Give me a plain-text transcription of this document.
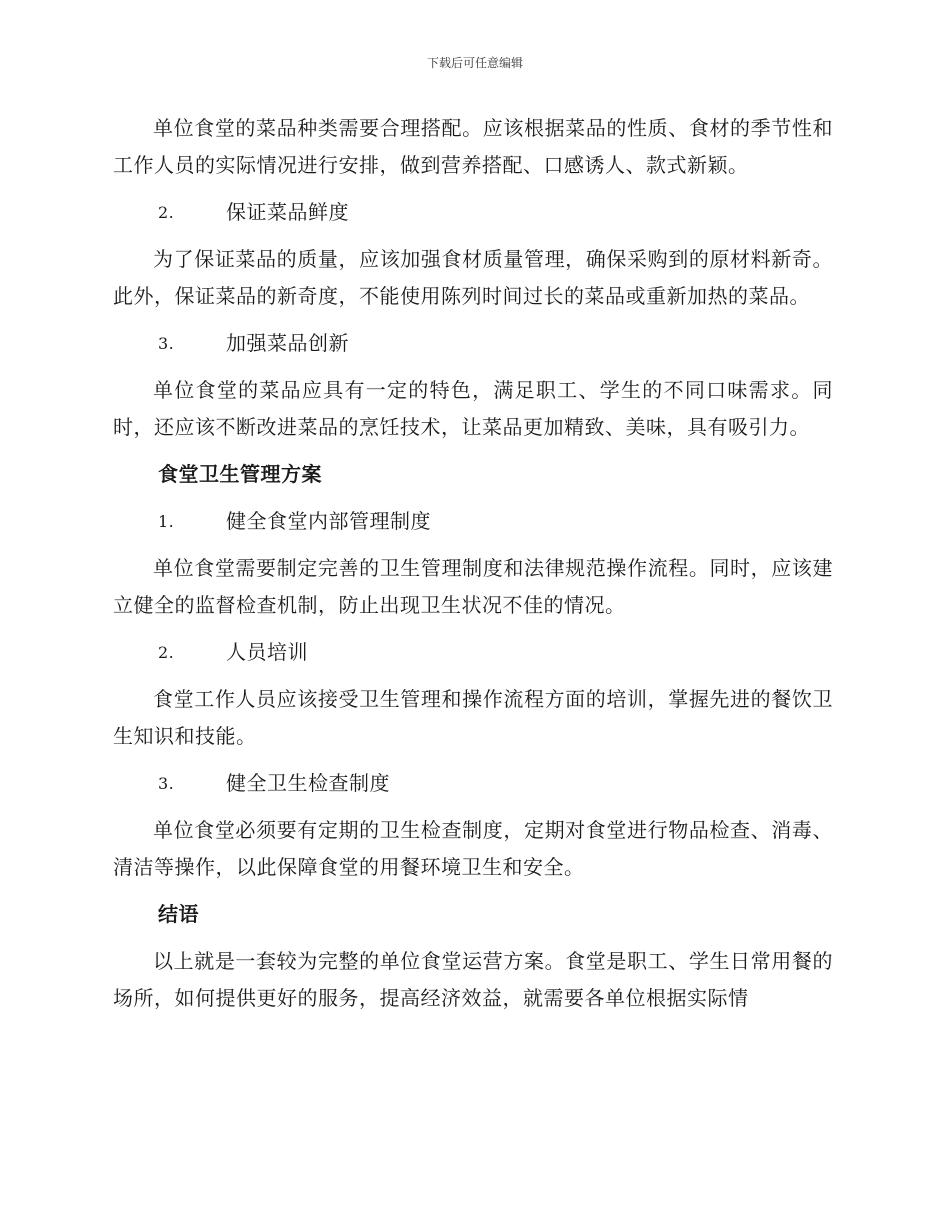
下载后可任意编辑

单位食堂的菜品种类需要合理搭配。应该根据菜品的性质、食材的季节性和工作人员的实际情况进行安排，做到营养搭配、口感诱人、款式新颖。

2.	保证菜品鲜度

为了保证菜品的质量，应该加强食材质量管理，确保采购到的原材料新奇。此外，保证菜品的新奇度，不能使用陈列时间过长的菜品或重新加热的菜品。

3.	加强菜品创新

单位食堂的菜品应具有一定的特色，满足职工、学生的不同口味需求。同时，还应该不断改进菜品的烹饪技术，让菜品更加精致、美味，具有吸引力。

食堂卫生管理方案
1.	健全食堂内部管理制度

单位食堂需要制定完善的卫生管理制度和法律规范操作流程。同时，应该建立健全的监督检查机制，防止出现卫生状况不佳的情况。

2.	人员培训

食堂工作人员应该接受卫生管理和操作流程方面的培训，掌握先进的餐饮卫生知识和技能。

3.	健全卫生检查制度

单位食堂必须要有定期的卫生检查制度，定期对食堂进行物品检查、消毒、清洁等操作，以此保障食堂的用餐环境卫生和安全。

结语

以上就是一套较为完整的单位食堂运营方案。食堂是职工、学生日常用餐的场所，如何提供更好的服务，提高经济效益，就需要各单位根据实际情
